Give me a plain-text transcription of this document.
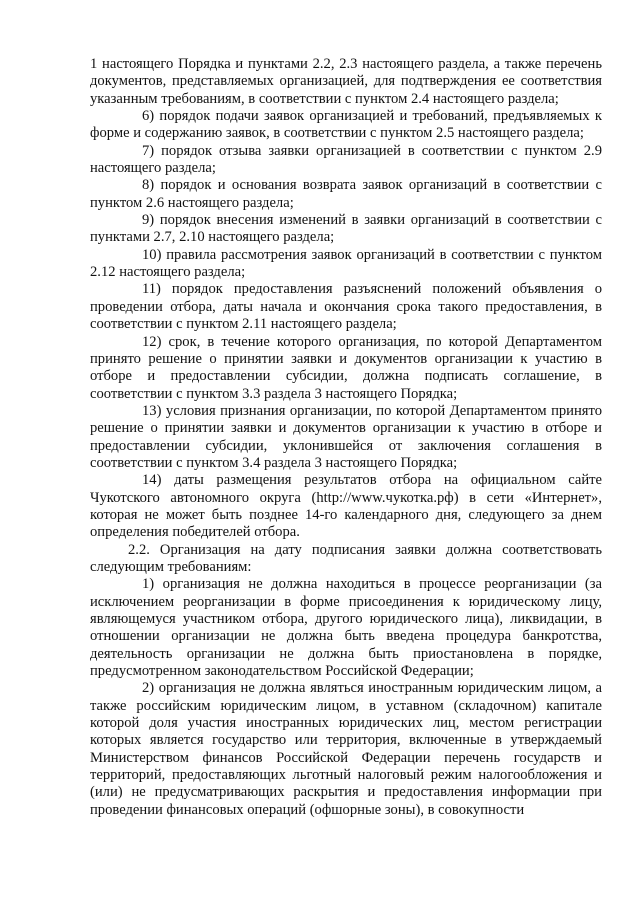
1 настоящего Порядка и пунктами 2.2, 2.3 настоящего раздела, а также перечень документов, представляемых организацией, для подтверждения ее соответствия указанным требованиям, в соответствии с пунктом 2.4 настоящего раздела;

6) порядок подачи заявок организацией и требований, предъявляемых к форме и содержанию заявок, в соответствии с пунктом 2.5 настоящего раздела;

7) порядок отзыва заявки организацией в соответствии с пунктом 2.9 настоящего раздела;

8) порядок и основания возврата заявок организаций в соответствии с пунктом 2.6 настоящего раздела;

9) порядок внесения изменений в заявки организаций в соответствии с пунктами 2.7, 2.10 настоящего раздела;

10) правила рассмотрения заявок организаций в соответствии с пунктом 2.12 настоящего раздела;

11) порядок предоставления разъяснений положений объявления о проведении отбора, даты начала и окончания срока такого предоставления, в соответствии с пунктом 2.11 настоящего раздела;

12) срок, в течение которого организация, по которой Департаментом принято решение о принятии заявки и документов организации к участию в отборе и предоставлении субсидии, должна подписать соглашение, в соответствии с пунктом 3.3 раздела 3 настоящего Порядка;

13) условия признания организации, по которой Департаментом принято решение о принятии заявки и документов организации к участию в отборе и предоставлении субсидии, уклонившейся от заключения соглашения в соответствии с пунктом 3.4 раздела 3 настоящего Порядка;

14) даты размещения результатов отбора на официальном сайте Чукотского автономного округа (http://www.чукотка.рф) в сети «Интернет», которая не может быть позднее 14-го календарного дня, следующего за днем определения победителей отбора.

2.2. Организация на дату подписания заявки должна соответствовать следующим требованиям:

1) организация не должна находиться в процессе реорганизации (за исключением реорганизации в форме присоединения к юридическому лицу, являющемуся участником отбора, другого юридического лица), ликвидации, в отношении организации не должна быть введена процедура банкротства, деятельность организации не должна быть приостановлена в порядке, предусмотренном законодательством Российской Федерации;

2) организация не должна являться иностранным юридическим лицом, а также российским юридическим лицом, в уставном (складочном) капитале которой доля участия иностранных юридических лиц, местом регистрации которых является государство или территория, включенные в утверждаемый Министерством финансов Российской Федерации перечень государств и территорий, предоставляющих льготный налоговый режим налогообложения и (или) не предусматривающих раскрытия и предоставления информации при проведении финансовых операций (офшорные зоны), в совокупности
